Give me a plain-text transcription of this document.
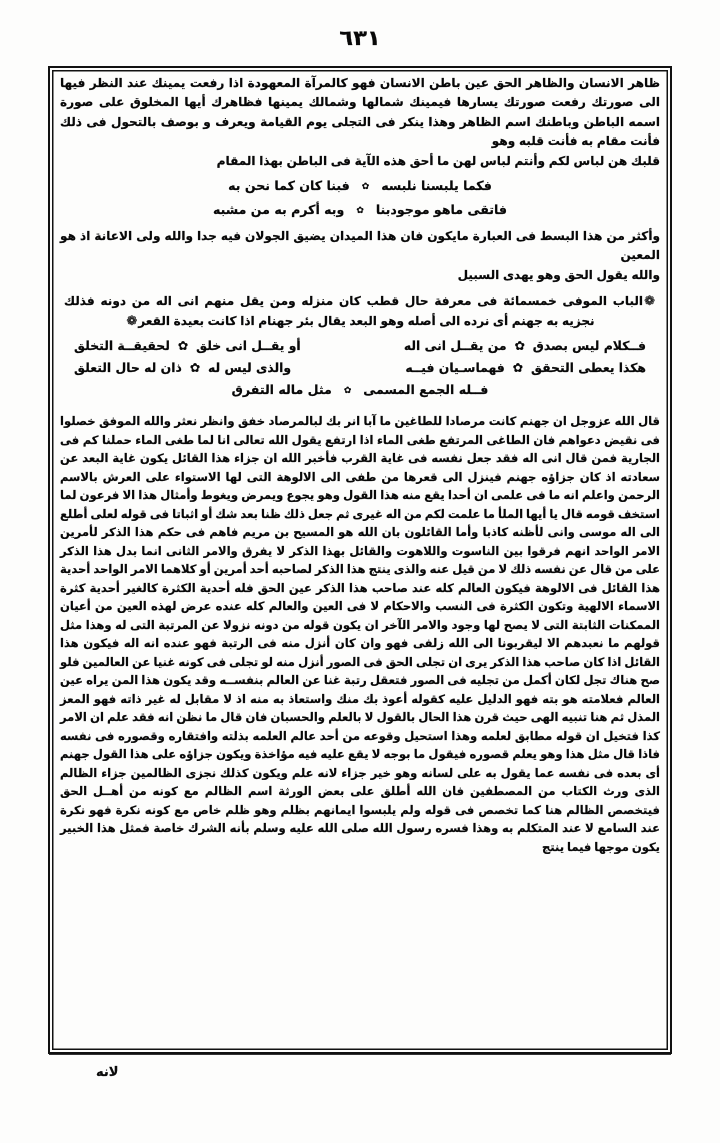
١٣٦
ظاهر الانسان والظاهر الحق عين باطن الانسان فهو كالمرآة المعهودة اذا رفعت يمينك عند النظر فيها الى صورتك رفعت صورتك يسارها فيمينك شمالها وشمالك يمينها فظاهرك أيها المخلوق على صورة اسمه الباطن وباطنك اسم الظاهر وهذا ينكر فى التجلى يوم القيامة ويعرف و بوصف بالتحول فى ذلك فأنت مقام به فأنت قلبه وهو
قلبك هن لباس لكم وأنتم لباس لهن ما أحق هذه الآية فى الباطن بهذا المقام
فكما يلبسنا نلبسه
✿
فبنا كان كما نحن به
فاتقى ماهو موجودبنا
✿
وبه أكرم به من مشبه
وأكثر من هذا البسط فى العبارة مايكون فان هذا الميدان يضيق الجولان فيه جدا والله ولى الاعانة اذ هو المعين
والله يقول الحق وهو يهدى السبيل
❁الباب الموفى خمسمائة فى معرفة حال قطب كان منزله ومن يقل منهم انى اله من دونه فذلك نجزيه به جهنم أى نرده الى أصله وهو البعد يقال بئر جهنام اذا كانت بعيدة القعر❁
فــكلام ليس بصدق
✿
من يقــل انى اله
أو يقــل انى خلق
✿
لحقيقــة التخلق
هكذا يعطى التحقق
✿
فهماسـيان فيــه
والذى ليس له
✿
ذان له حال التعلق
فــله الجمع المسمى
✿
مثل ماله التفرق
قال الله عزوجل ان جهنم كانت مرصادا للطاغين ما آبا انر بك لبالمرصاد خفق وانظر نعثر والله الموفق خصلوا فى نقيض دعواهم فان الطاغى المرتفع طغى الماء اذا ارتفع يقول الله تعالى انا لما طغى الماء حملنا كم فى الجارية فمن قال انى اله فقد جعل نفسه فى غاية القرب فأخبر الله ان جزاء هذا القائل يكون غاية البعد عن سعادته اذ كان جزاؤه جهنم فينزل الى قعرها من طفى الى الالوهة التى لها الاستواء على العرش بالاسم الرحمن واعلم انه ما فى علمى ان أحدا يقع منه هذا القول وهو يجوع ويمرض ويغوط وأمثال هذا الا فرعون لما استخف قومه قال يا أيها الملأ ما علمت لكم من اله غيرى ثم جعل ذلك ظنا بعد شك أو اثباتا فى قوله لعلى أطلع الى اله موسى وانى لأظنه كاذبا وأما القائلون بان الله هو المسيح بن مريم فاهم فى حكم هذا الذكر لأمرين الامر الواحد انهم فرقوا بين الناسوت واللاهوت والقائل بهذا الذكر لا يفرق والامر الثانى انما بدل هذا الذكر على من قال عن نفسه ذلك لا من قيل عنه والذى ينتج هذا الذكر لصاحبه أحد أمرين أو كلاهما الامر الواحد أحدية هذا القائل فى الالوهة فيكون العالم كله عند صاحب هذا الذكر عين الحق فله أحدية الكثرة كالغير أحدية كثرة الاسماء الالهية وتكون الكثرة فى النسب والاحكام لا فى العين والعالم كله عنده عرض لهذه العين من أعيان الممكنات الثابتة التى لا يصح لها وجود والامر الآخر ان يكون قوله من دونه نزولا عن المرتبة التى له وهذا مثل قولهم ما نعبدهم الا ليقربونا الى الله زلفى فهو وان كان أنزل منه فى الرتبة فهو عنده انه اله فيكون هذا القائل اذا كان صاحب هذا الذكر يرى ان تجلى الحق فى الصور أنزل منه لو تجلى فى كونه غنيا عن العالمين فلو صح هناك تجل لكان أكمل من تجليه فى الصور فتعقل رتبة غنا عن العالم بنفســه وقد يكون هذا المن يراه عين العالم فعلامته هو بته فهو الدليل عليه كقوله أعوذ بك منك واستعاذ به منه اذ لا مقابل له غير ذاته فهو المعز المذل ثم هنا تنبيه الهى حيث قرن هذا الحال بالقول لا بالعلم والحسبان فان قال ما نظن انه فقد علم ان الامر كذا فتخيل ان قوله مطابق لعلمه وهذا استحيل وقوعه من أحد عالم العلمه بذلته وافتقاره وقصوره فى نفسه فاذا قال مثل هذا وهو يعلم قصوره فيقول ما بوجه لا يقع عليه فيه مؤاخذة ويكون جزاؤه على هذا القول جهنم أى بعده فى نفسه عما يقول به على لسانه وهو خير جزاء لانه علم ويكون كذلك نجزى الظالمين جزاء الظالم الذى ورث الكتاب من المصطفين فان الله أطلق على بعض الورثة اسم الظالم مع كونه من أهــل الحق فيتخصص الظالم هنا كما تخصص فى قوله ولم يلبسوا ايمانهم بظلم وهو ظلم خاص مع كونه نكرة فهو نكرة عند السامع لا عند المتكلم به وهذا فسره رسول الله صلى الله عليه وسلم بأنه الشرك خاصة فمثل هذا الخبير يكون موجها فيما ينتج
لانه
